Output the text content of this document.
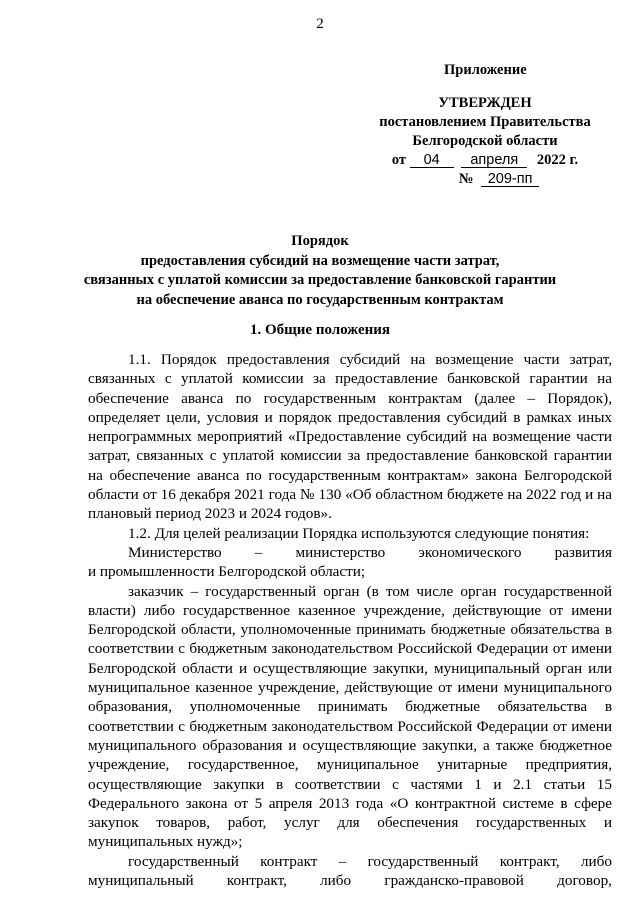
2
Приложение
УТВЕРЖДЕН
постановлением Правительства
Белгородской области
от 04 апреля 2022 г.
№ 209-пп
Порядок
предоставления субсидий на возмещение части затрат,
связанных с уплатой комиссии за предоставление банковской гарантии
на обеспечение аванса по государственным контрактам
1. Общие положения

1.1. Порядок предоставления субсидий на возмещение части затрат, связанных с уплатой комиссии за предоставление банковской гарантии на обеспечение аванса по государственным контрактам (далее – Порядок), определяет цели, условия и порядок предоставления субсидий в рамках иных непрограммных мероприятий «Предоставление субсидий на возмещение части затрат, связанных с уплатой комиссии за предоставление банковской гарантии на обеспечение аванса по государственным контрактам» закона Белгородской области от 16 декабря 2021 года № 130 «Об областном бюджете на 2022 год и на плановый период 2023 и 2024 годов».

1.2. Для целей реализации Порядка используются следующие понятия:

Министерство – министерство экономического развития
и промышленности Белгородской области;

заказчик – государственный орган (в том числе орган государственной власти) либо государственное казенное учреждение, действующие от имени Белгородской области, уполномоченные принимать бюджетные обязательства в соответствии с бюджетным законодательством Российской Федерации от имени Белгородской области и осуществляющие закупки, муниципальный орган или муниципальное казенное учреждение, действующие от имени муниципального образования, уполномоченные принимать бюджетные обязательства в соответствии с бюджетным законодательством Российской Федерации от имени муниципального образования и осуществляющие закупки, а также бюджетное учреждение, государственное, муниципальное унитарные предприятия, осуществляющие закупки в соответствии с частями 1 и 2.1 статьи 15 Федерального закона от 5 апреля 2013 года «О контрактной системе в сфере закупок товаров, работ, услуг для обеспечения государственных и муниципальных нужд»;

государственный контракт – государственный контракт, либо
муниципальный контракт, либо гражданско-правовой договор,
